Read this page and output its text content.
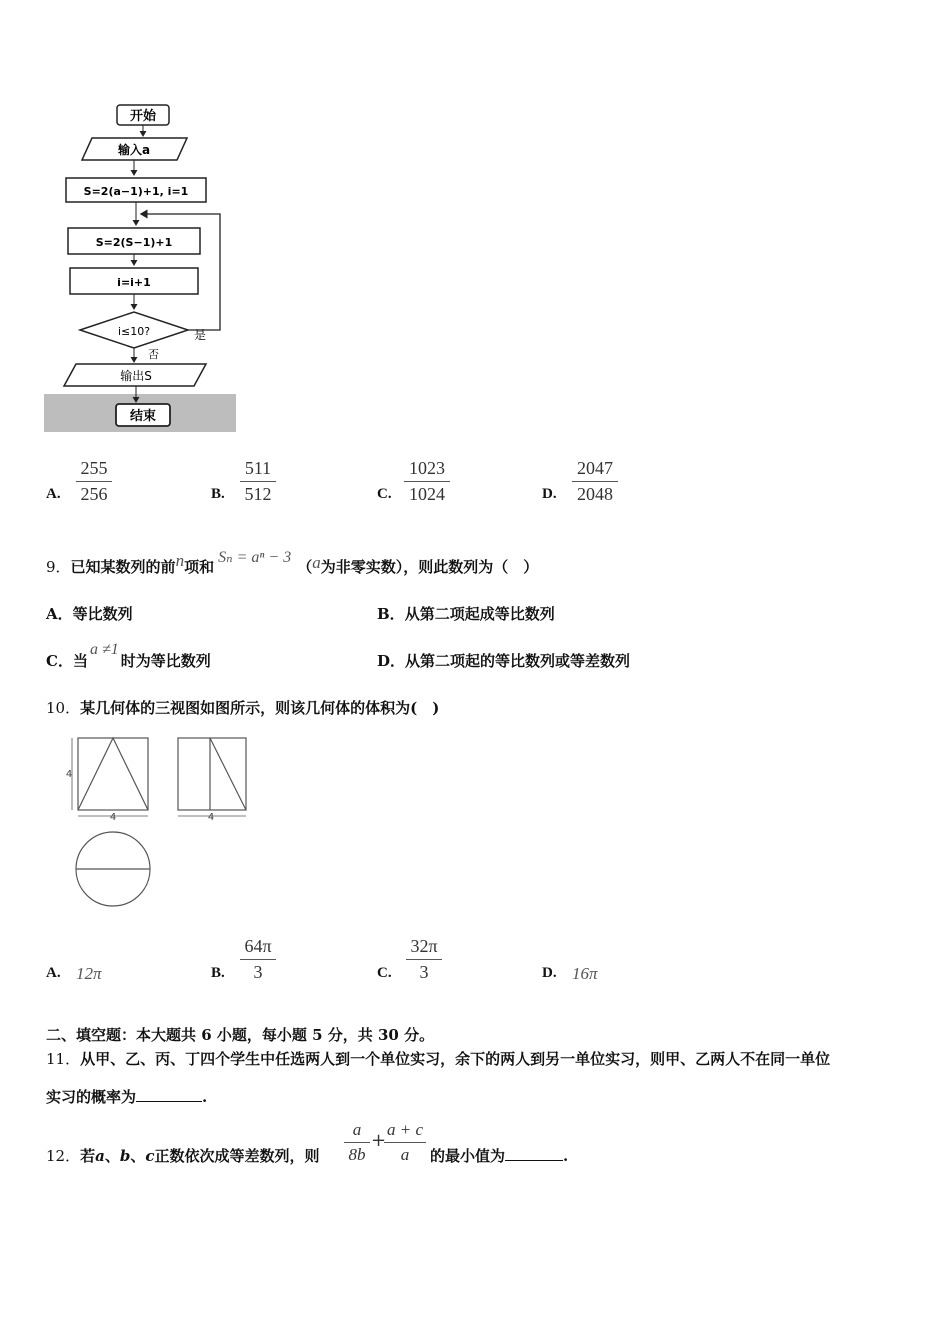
开始
输入a
S=2(a−1)+1, i=1
S=2(S−1)+1
i=i+1
i≤10?	是
否
输出S
结束
A. $\frac{255}{256}$	B. $\frac{511}{512}$	C. $\frac{1023}{1024}$	D. $\frac{2047}{2048}$
9．已知某数列的前n项和Sₙ = aⁿ − 3（a为非零实数），则此数列为（　）
A．等比数列	B．从第二项起成等比数列
C．当a ≠1时为等比数列	D．从第二项起的等比数列或等差数列
10．某几何体的三视图如图所示，则该几何体的体积为(　)
4
4	4
A. 12π	B. $\frac{64\pi}{3}$	C. $\frac{32\pi}{3}$	D. 16π
二、填空题：本大题共 6 小题，每小题 5 分，共 30 分。
11．从甲、乙、丙、丁四个学生中任选两人到一个单位实习，余下的两人到另一单位实习，则甲、乙两人不在同一单位
实习的概率为	.
12．若a、b、c正数依次成等差数列，则 $\frac{a}{8b}$ +
$\frac{a + c}{a}$ 的最小值为	.
